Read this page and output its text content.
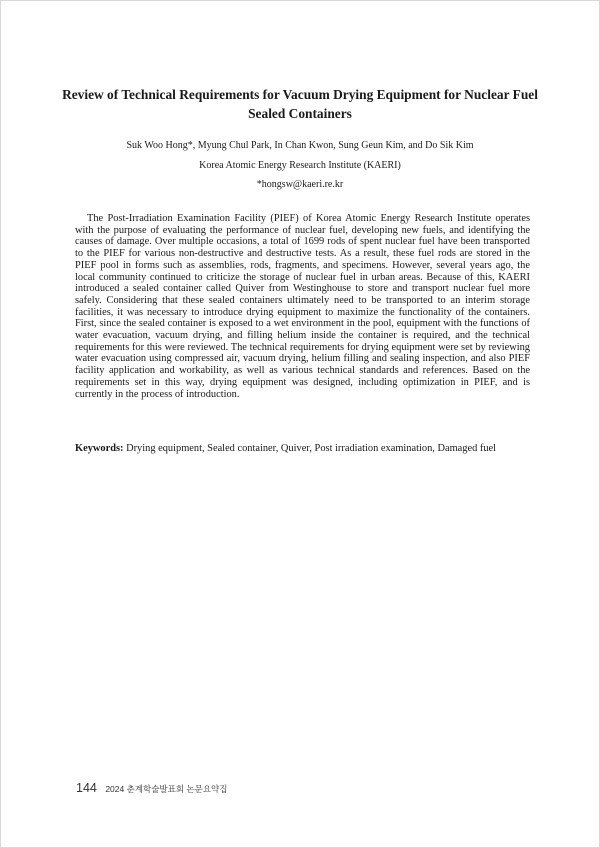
Review of Technical Requirements for Vacuum Drying Equipment for Nuclear Fuel Sealed Containers
Suk Woo Hong*, Myung Chul Park, In Chan Kwon, Sung Geun Kim, and Do Sik Kim
Korea Atomic Energy Research Institute (KAERI)
*hongsw@kaeri.re.kr

The Post-Irradiation Examination Facility (PIEF) of Korea Atomic Energy Research Institute operates with the purpose of evaluating the performance of nuclear fuel, developing new fuels, and identifying the causes of damage. Over multiple occasions, a total of 1699 rods of spent nuclear fuel have been transported to the PIEF for various non-destructive and destructive tests. As a result, these fuel rods are stored in the PIEF pool in forms such as assemblies, rods, fragments, and specimens. However, several years ago, the local community continued to criticize the storage of nuclear fuel in urban areas. Because of this, KAERI introduced a sealed container called Quiver from Westinghouse to store and transport nuclear fuel more safely. Considering that these sealed containers ultimately need to be transported to an interim storage facilities, it was necessary to introduce drying equipment to maximize the functionality of the containers. First, since the sealed container is exposed to a wet environment in the pool, equipment with the functions of water evacuation, vacuum drying, and filling helium inside the container is required, and the technical requirements for this were reviewed. The technical requirements for drying equipment were set by reviewing water evacuation using compressed air, vacuum drying, helium filling and sealing inspection, and also PIEF facility application and workability, as well as various technical standards and references. Based on the requirements set in this way, drying equipment was designed, including optimization in PIEF, and is currently in the process of introduction.

Keywords: Drying equipment, Sealed container, Quiver, Post irradiation examination, Damaged fuel

144 2024 춘계학술발표회 논문요약집
